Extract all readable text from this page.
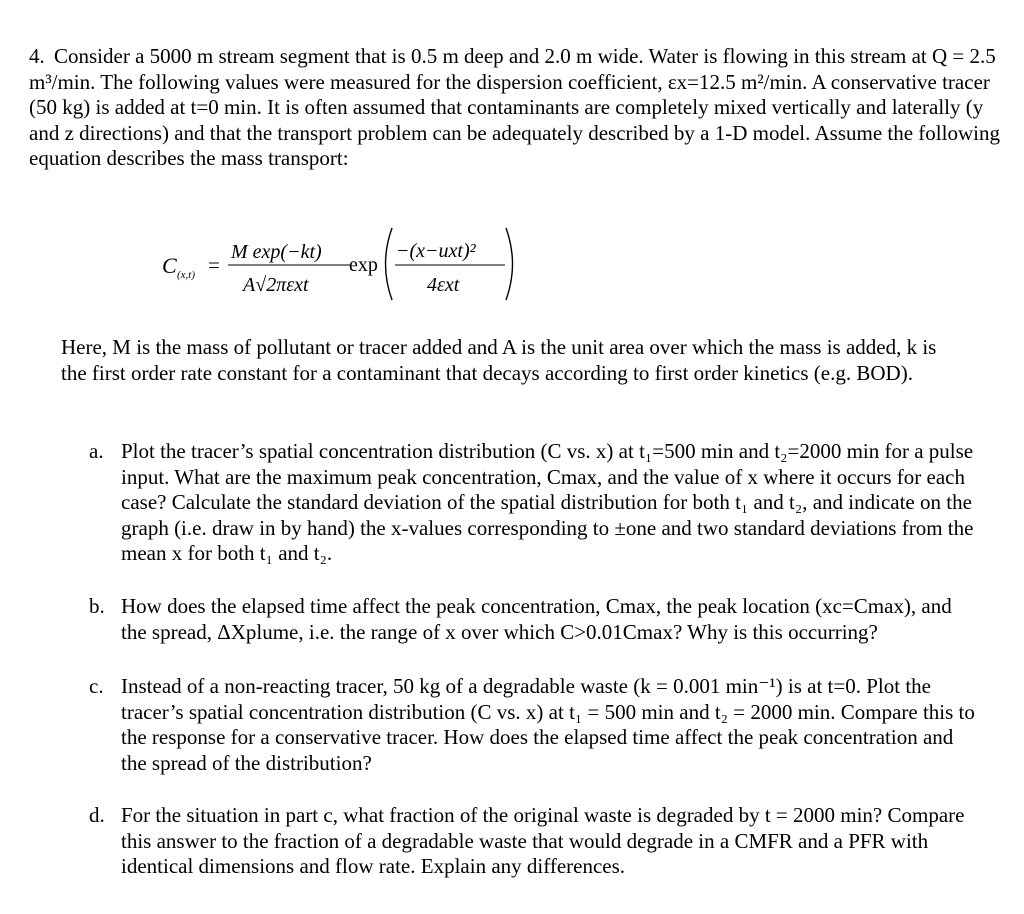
4. Consider a 5000 m stream segment that is 0.5 m deep and 2.0 m wide. Water is flowing in this stream at Q = 2.5 m³/min. The following values were measured for the dispersion coefficient, εx=12.5 m²/min. A conservative tracer (50 kg) is added at t=0 min. It is often assumed that contaminants are completely mixed vertically and laterally (y and z directions) and that the transport problem can be adequately described by a 1-D model. Assume the following equation describes the mass transport:
C (x,t) =
M exp(−kt)
A√2πεxt
exp
−(x−uxt)²
4εxt

Here, M is the mass of pollutant or tracer added and A is the unit area over which the mass is added, k is the first order rate constant for a contaminant that decays according to first order kinetics (e.g. BOD).

a. Plot the tracer’s spatial concentration distribution (C vs. x) at t₁=500 min and t₂=2000 min for a pulse input. What are the maximum peak concentration, Cmax, and the value of x where it occurs for each case? Calculate the standard deviation of the spatial distribution for both t₁ and t₂, and indicate on the graph (i.e. draw in by hand) the x-values corresponding to ±one and two standard deviations from the mean x for both t₁ and t₂.
b. How does the elapsed time affect the peak concentration, Cmax, the peak location (xc=Cmax), and the spread, ΔXplume, i.e. the range of x over which C>0.01Cmax? Why is this occurring?
c. Instead of a non-reacting tracer, 50 kg of a degradable waste (k = 0.001 min⁻¹) is at t=0. Plot the tracer’s spatial concentration distribution (C vs. x) at t₁ = 500 min and t₂ = 2000 min. Compare this to the response for a conservative tracer. How does the elapsed time affect the peak concentration and the spread of the distribution?
d. For the situation in part c, what fraction of the original waste is degraded by t = 2000 min? Compare this answer to the fraction of a degradable waste that would degrade in a CMFR and a PFR with identical dimensions and flow rate. Explain any differences.
